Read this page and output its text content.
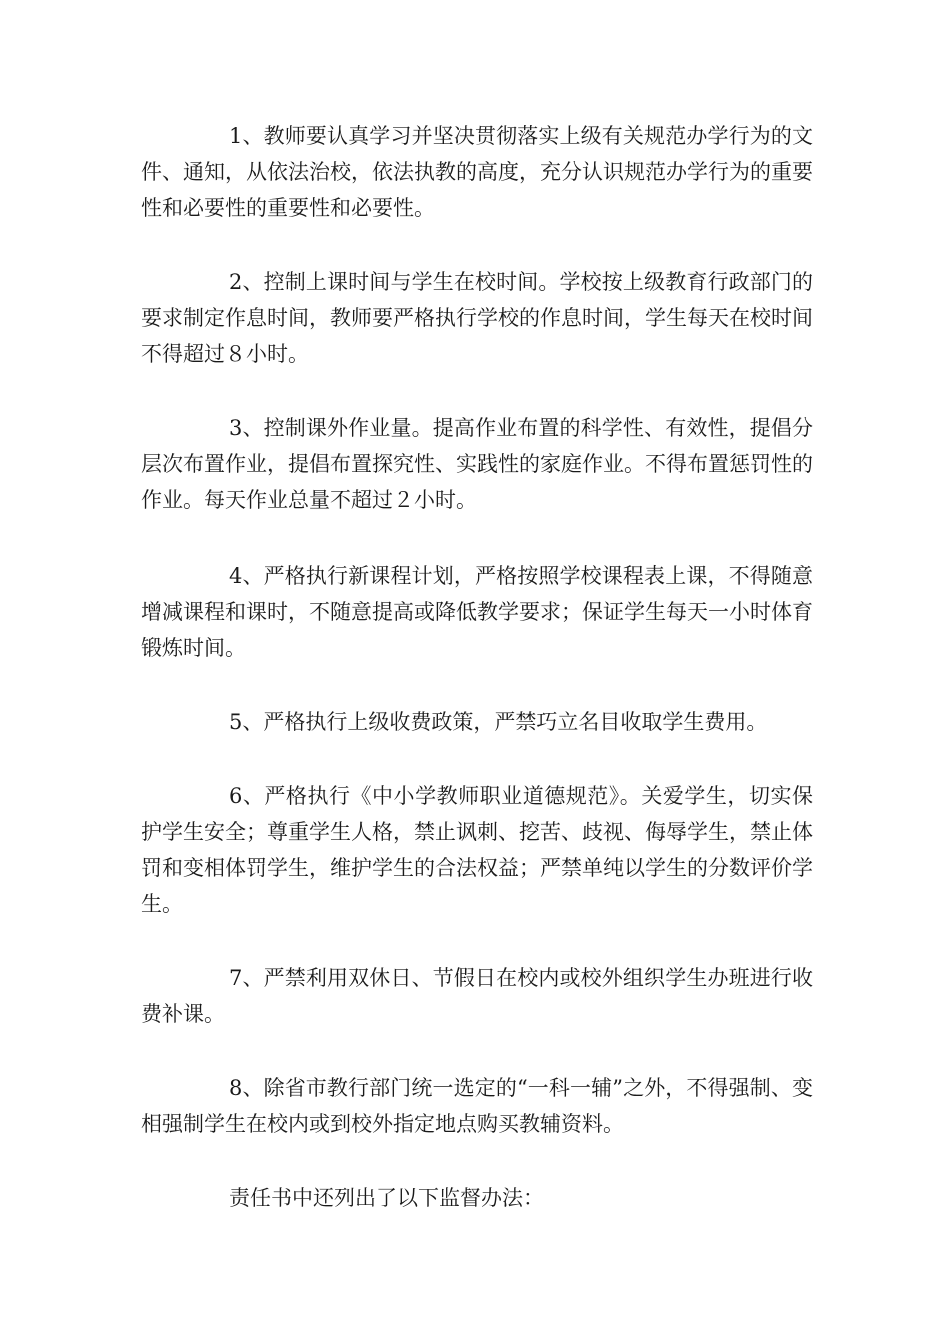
1、教师要认真学习并坚决贯彻落实上级有关规范办学行为的文件、通知，从依法治校，依法执教的高度，充分认识规范办学行为的重要性和必要性的重要性和必要性。

2、控制上课时间与学生在校时间。学校按上级教育行政部门的要求制定作息时间，教师要严格执行学校的作息时间，学生每天在校时间不得超过８小时。

3、控制课外作业量。提高作业布置的科学性、有效性，提倡分层次布置作业，提倡布置探究性、实践性的家庭作业。不得布置惩罚性的作业。每天作业总量不超过２小时。

4、严格执行新课程计划，严格按照学校课程表上课，不得随意增减课程和课时，不随意提高或降低教学要求；保证学生每天一小时体育锻炼时间。

5、严格执行上级收费政策，严禁巧立名目收取学生费用。

6、严格执行《中小学教师职业道德规范》。关爱学生，切实保护学生安全；尊重学生人格，禁止讽刺、挖苦、歧视、侮辱学生，禁止体罚和变相体罚学生，维护学生的合法权益；严禁单纯以学生的分数评价学生。

7、严禁利用双休日、节假日在校内或校外组织学生办班进行收费补课。

8、除省市教行部门统一选定的“一科一辅”之外，不得强制、变相强制学生在校内或到校外指定地点购买教辅资料。

责任书中还列出了以下监督办法：
